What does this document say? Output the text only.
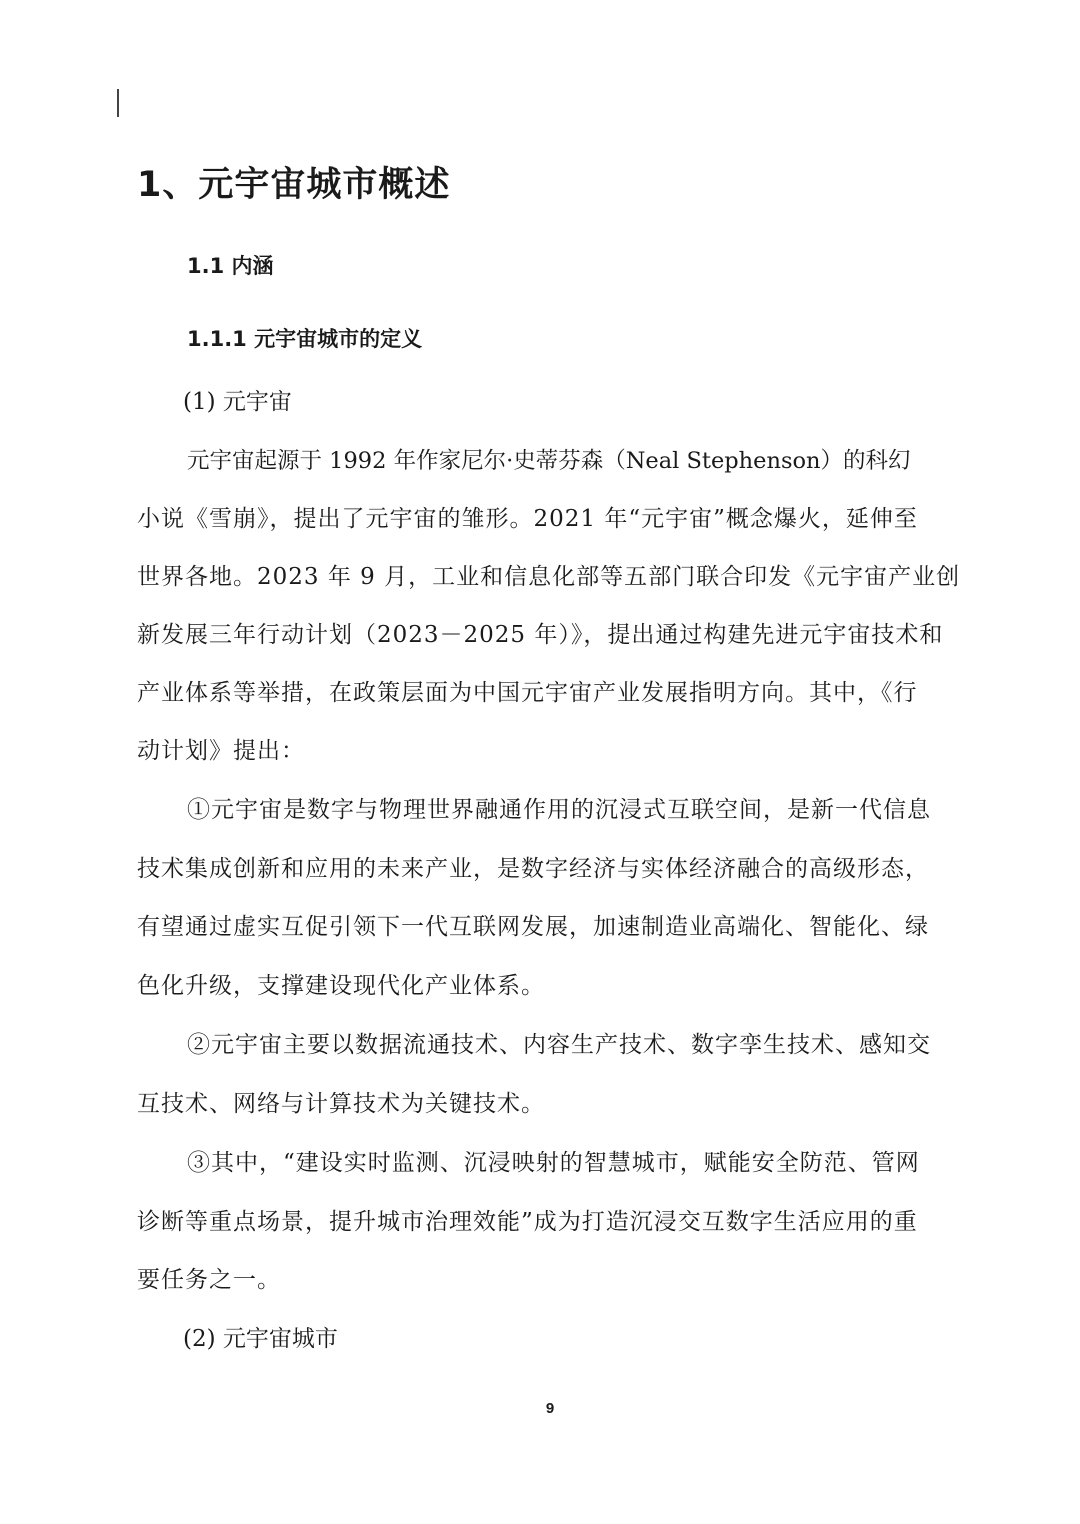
1、元宇宙城市概述
1.1 内涵
1.1.1 元宇宙城市的定义
(1) 元宇宙
元宇宙起源于 1992 年作家尼尔·史蒂芬森（Neal Stephenson）的科幻
小说《雪崩》，提出了元宇宙的雏形。2021 年“元宇宙”概念爆火，延伸至
世界各地。2023 年 9 月，工业和信息化部等五部门联合印发《元宇宙产业创
新发展三年行动计划（2023－2025 年）》，提出通过构建先进元宇宙技术和
产业体系等举措，在政策层面为中国元宇宙产业发展指明方向。其中，《行
动计划》提出：
①元宇宙是数字与物理世界融通作用的沉浸式互联空间，是新一代信息
技术集成创新和应用的未来产业，是数字经济与实体经济融合的高级形态，
有望通过虚实互促引领下一代互联网发展，加速制造业高端化、智能化、绿
色化升级，支撑建设现代化产业体系。
②元宇宙主要以数据流通技术、内容生产技术、数字孪生技术、感知交
互技术、网络与计算技术为关键技术。
③其中，“建设实时监测、沉浸映射的智慧城市，赋能安全防范、管网
诊断等重点场景，提升城市治理效能”成为打造沉浸交互数字生活应用的重
要任务之一。
(2) 元宇宙城市
9
